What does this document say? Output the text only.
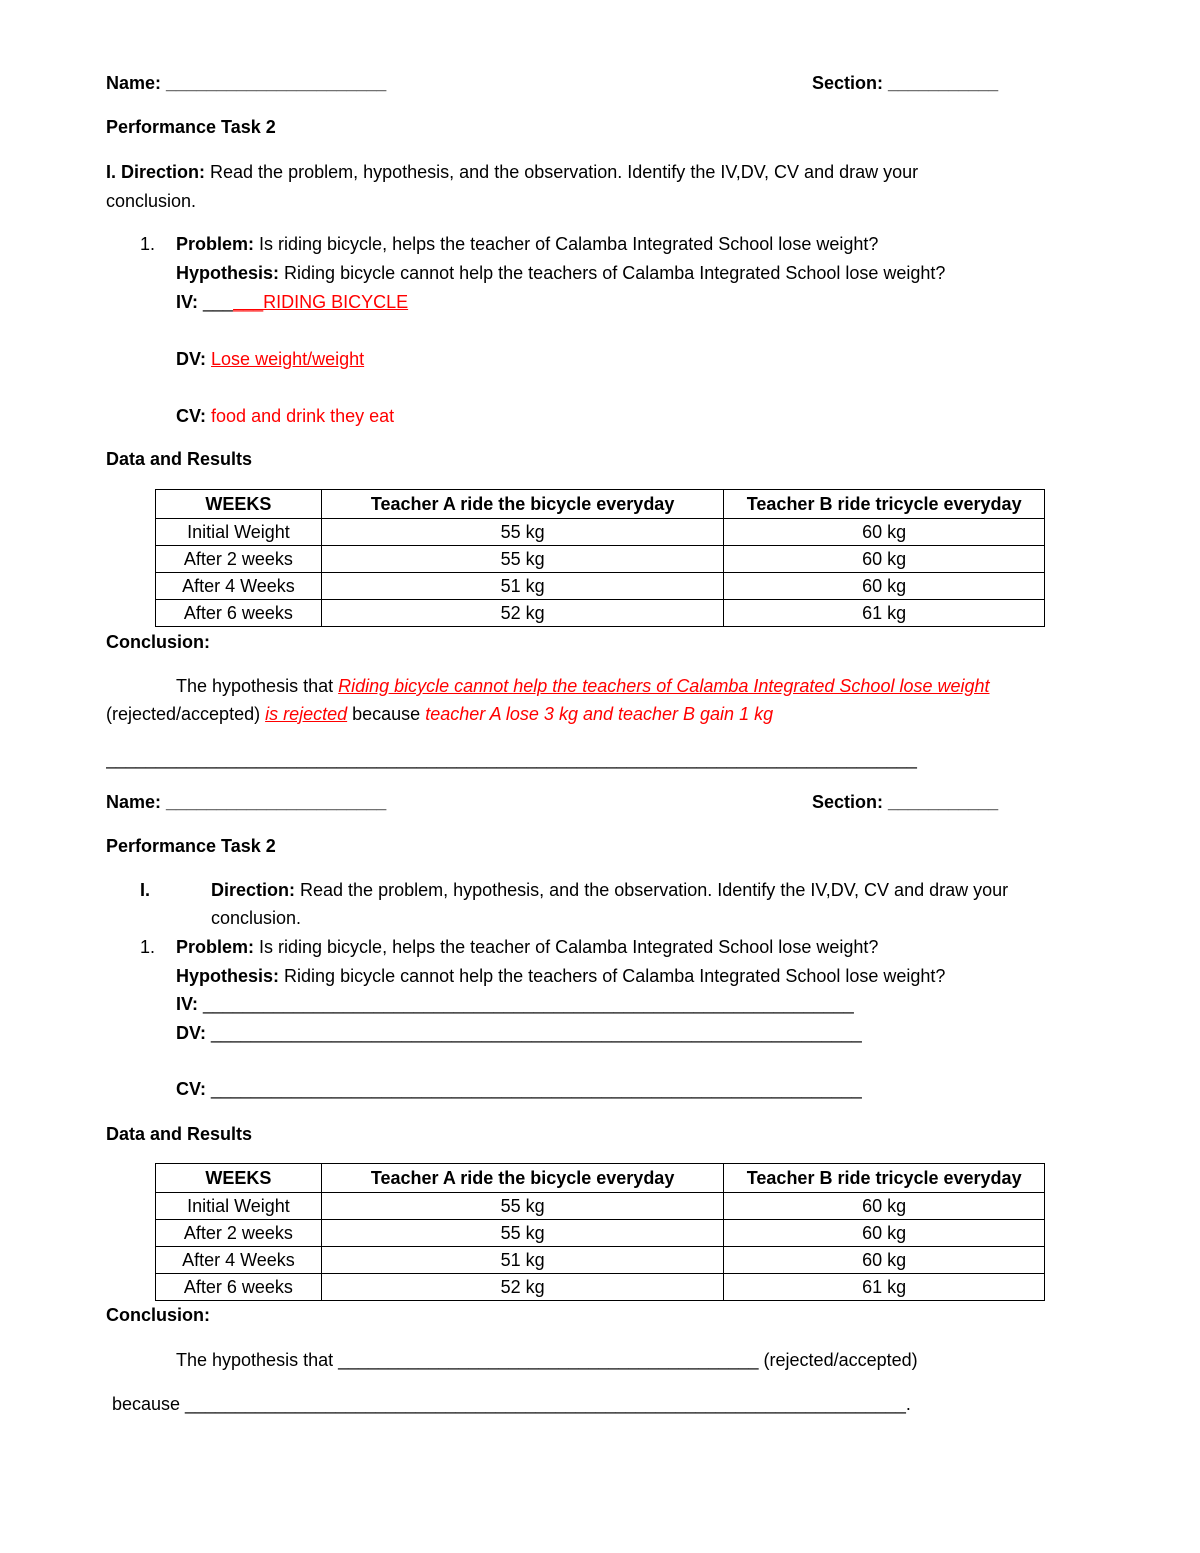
Name: ______________________	Section: ___________
Performance Task 2
I. Direction: Read the problem, hypothesis, and the observation. Identify the IV,DV, CV and draw your
conclusion.
1. Problem: Is riding bicycle, helps the teacher of Calamba Integrated School lose weight?
Hypothesis: Riding bicycle cannot help the teachers of Calamba Integrated School lose weight?
IV: ______RIDING BICYCLE
DV: Lose weight/weight
CV: food and drink they eat
Data and Results
WEEKS	Teacher A ride the bicycle everyday	Teacher B ride tricycle everyday
Initial Weight	55 kg	60 kg
After 2 weeks	55 kg	60 kg
After 4 Weeks	51 kg	60 kg
After 6 weeks	52 kg	61 kg
Conclusion:
The hypothesis that Riding bicycle cannot help the teachers of Calamba Integrated School lose weight
(rejected/accepted) is rejected because teacher A lose 3 kg and teacher B gain 1 kg
_________________________________________________________________________________
Name: ______________________	Section: ___________
Performance Task 2
I.	Direction: Read the problem, hypothesis, and the observation. Identify the IV,DV, CV and draw your
conclusion.
1. Problem: Is riding bicycle, helps the teacher of Calamba Integrated School lose weight?
Hypothesis: Riding bicycle cannot help the teachers of Calamba Integrated School lose weight?
IV: _________________________________________________________________
DV: _________________________________________________________________
CV: _________________________________________________________________
Data and Results
WEEKS	Teacher A ride the bicycle everyday	Teacher B ride tricycle everyday
Initial Weight	55 kg	60 kg
After 2 weeks	55 kg	60 kg
After 4 Weeks	51 kg	60 kg
After 6 weeks	52 kg	61 kg
Conclusion:
The hypothesis that __________________________________________ (rejected/accepted)
because ________________________________________________________________________.
